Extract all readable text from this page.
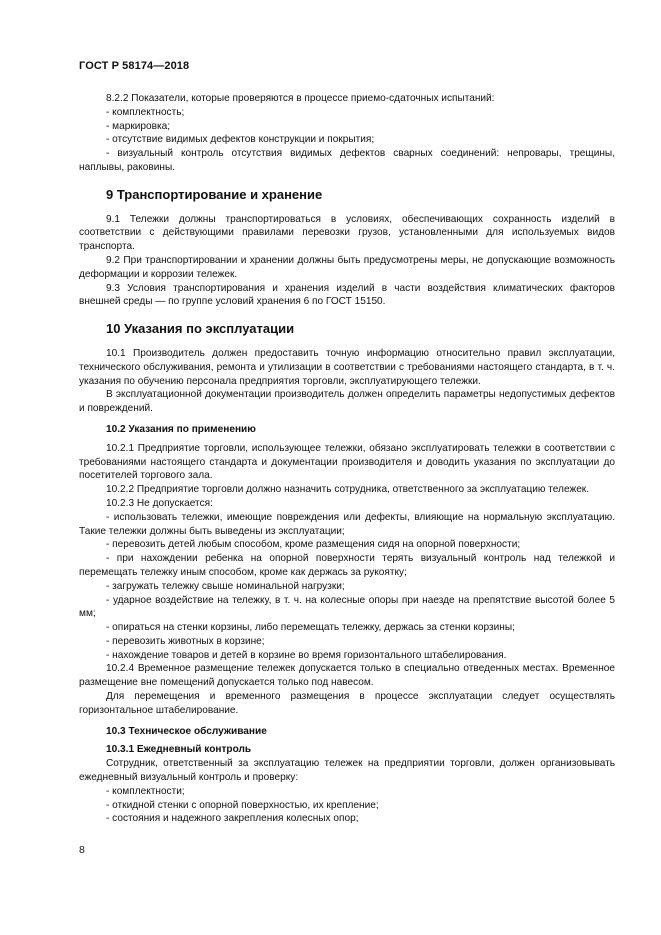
ГОСТ Р 58174—2018

8.2.2 Показатели, которые проверяются в процессе приемо-сдаточных испытаний:

- комплектность;

- маркировка;

- отсутствие видимых дефектов конструкции и покрытия;

- визуальный контроль отсутствия видимых дефектов сварных соединений: непровары, трещины, наплывы, раковины.

9 Транспортирование и хранение

9.1 Тележки должны транспортироваться в условиях, обеспечивающих сохранность изделий в соответствии с действующими правилами перевозки грузов, установленными для используемых видов транспорта.

9.2 При транспортировании и хранении должны быть предусмотрены меры, не допускающие возможность деформации и коррозии тележек.

9.3 Условия транспортирования и хранения изделий в части воздействия климатических факторов внешней среды — по группе условий хранения 6 по ГОСТ 15150.

10 Указания по эксплуатации

10.1 Производитель должен предоставить точную информацию относительно правил эксплуатации, технического обслуживания, ремонта и утилизации в соответствии с требованиями настоящего стандарта, в т. ч. указания по обучению персонала предприятия торговли, эксплуатирующего тележки.

В эксплуатационной документации производитель должен определить параметры недопустимых дефектов и повреждений.

10.2 Указания по применению

10.2.1 Предприятие торговли, использующее тележки, обязано эксплуатировать тележки в соответствии с требованиями настоящего стандарта и документации производителя и доводить указания по эксплуатации до посетителей торгового зала.

10.2.2 Предприятие торговли должно назначить сотрудника, ответственного за эксплуатацию тележек.

10.2.3 Не допускается:

- использовать тележки, имеющие повреждения или дефекты, влияющие на нормальную эксплуатацию. Такие тележки должны быть выведены из эксплуатации;

- перевозить детей любым способом, кроме размещения сидя на опорной поверхности;

- при нахождении ребенка на опорной поверхности терять визуальный контроль над тележкой и перемещать тележку иным способом, кроме как держась за рукоятку;

- загружать тележку свыше номинальной нагрузки;

- ударное воздействие на тележку, в т. ч. на колесные опоры при наезде на препятствие высотой более 5 мм;

- опираться на стенки корзины, либо перемещать тележку, держась за стенки корзины;

- перевозить животных в корзине;

- нахождение товаров и детей в корзине во время горизонтального штабелирования.

10.2.4 Временное размещение тележек допускается только в специально отведенных местах. Временное размещение вне помещений допускается только под навесом.

Для перемещения и временного размещения в процессе эксплуатации следует осуществлять горизонтальное штабелирование.

10.3 Техническое обслуживание

10.3.1 Ежедневный контроль

Сотрудник, ответственный за эксплуатацию тележек на предприятии торговли, должен организовывать ежедневный визуальный контроль и проверку:

- комплектности;

- откидной стенки с опорной поверхностью, их крепление;

- состояния и надежного закрепления колесных опор;

8
